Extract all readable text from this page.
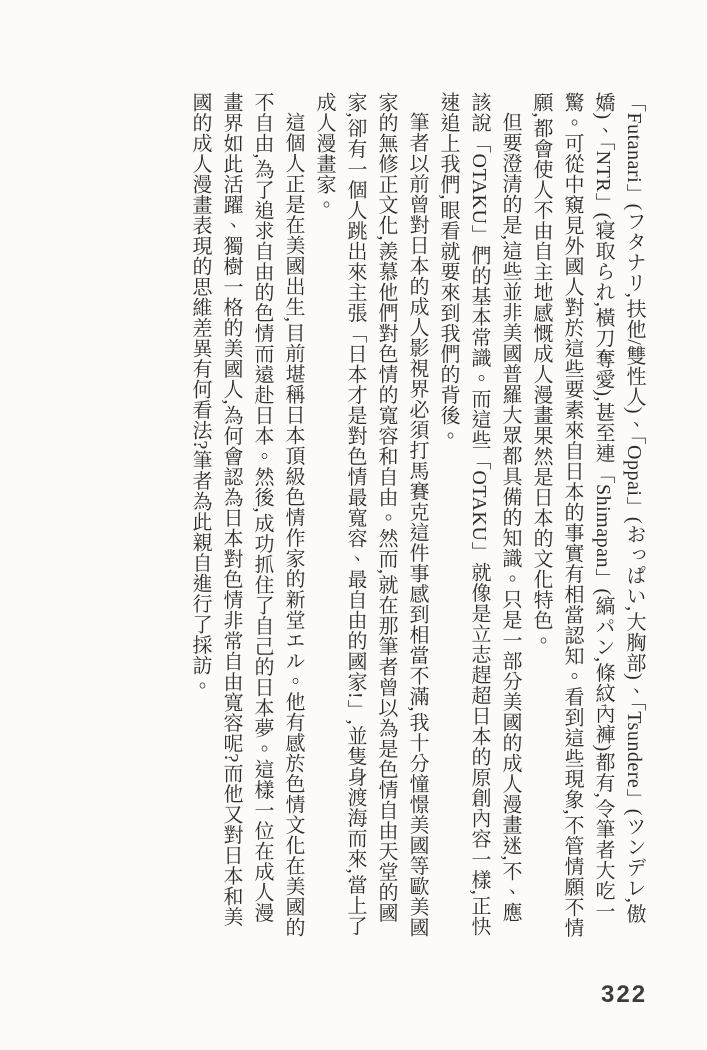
「Futanari」(フタナリ,扶他/雙性人)、「Oppai」(おっぱい,大胸部)、「Tsundere」(ツンデレ,傲嬌)、「NTR」(寝取られ,橫刀奪愛),甚至連「Shimapan」(縞パン,條紋內褲)都有,令筆者大吃一驚。可從中窺見外國人對於這些要素來自日本的事實有相當認知。看到這些現象,不管情願不情願,都會使人不由自主地感慨成人漫畫果然是日本的文化特色。

但要澄清的是,這些並非美國普羅大眾都具備的知識。只是一部分美國的成人漫畫迷,不、應該說「OTAKU」們的基本常識。而這些「OTAKU」就像是立志趕超日本的原創內容一樣,正快速追上我們,眼看就要來到我們的背後。

筆者以前曾對日本的成人影視界必須打馬賽克這件事感到相當不滿,我十分憧憬美國等歐美國家的無修正文化,羨慕他們對色情的寬容和自由。然而,就在那筆者曾以為是色情自由天堂的國家,卻有一個人跳出來主張「日本才是對色情最寬容、最自由的國家!」,並隻身渡海而來,當上了成人漫畫家。

這個人正是在美國出生,目前堪稱日本頂級色情作家的新堂エル。他有感於色情文化在美國的不自由,為了追求自由的色情而遠赴日本。然後,成功抓住了自己的日本夢。這樣一位在成人漫畫界如此活躍、獨樹一格的美國人,為何會認為日本對色情非常自由寬容呢?而他又對日本和美國的成人漫畫表現的思維差異有何看法?筆者為此親自進行了採訪。

322
